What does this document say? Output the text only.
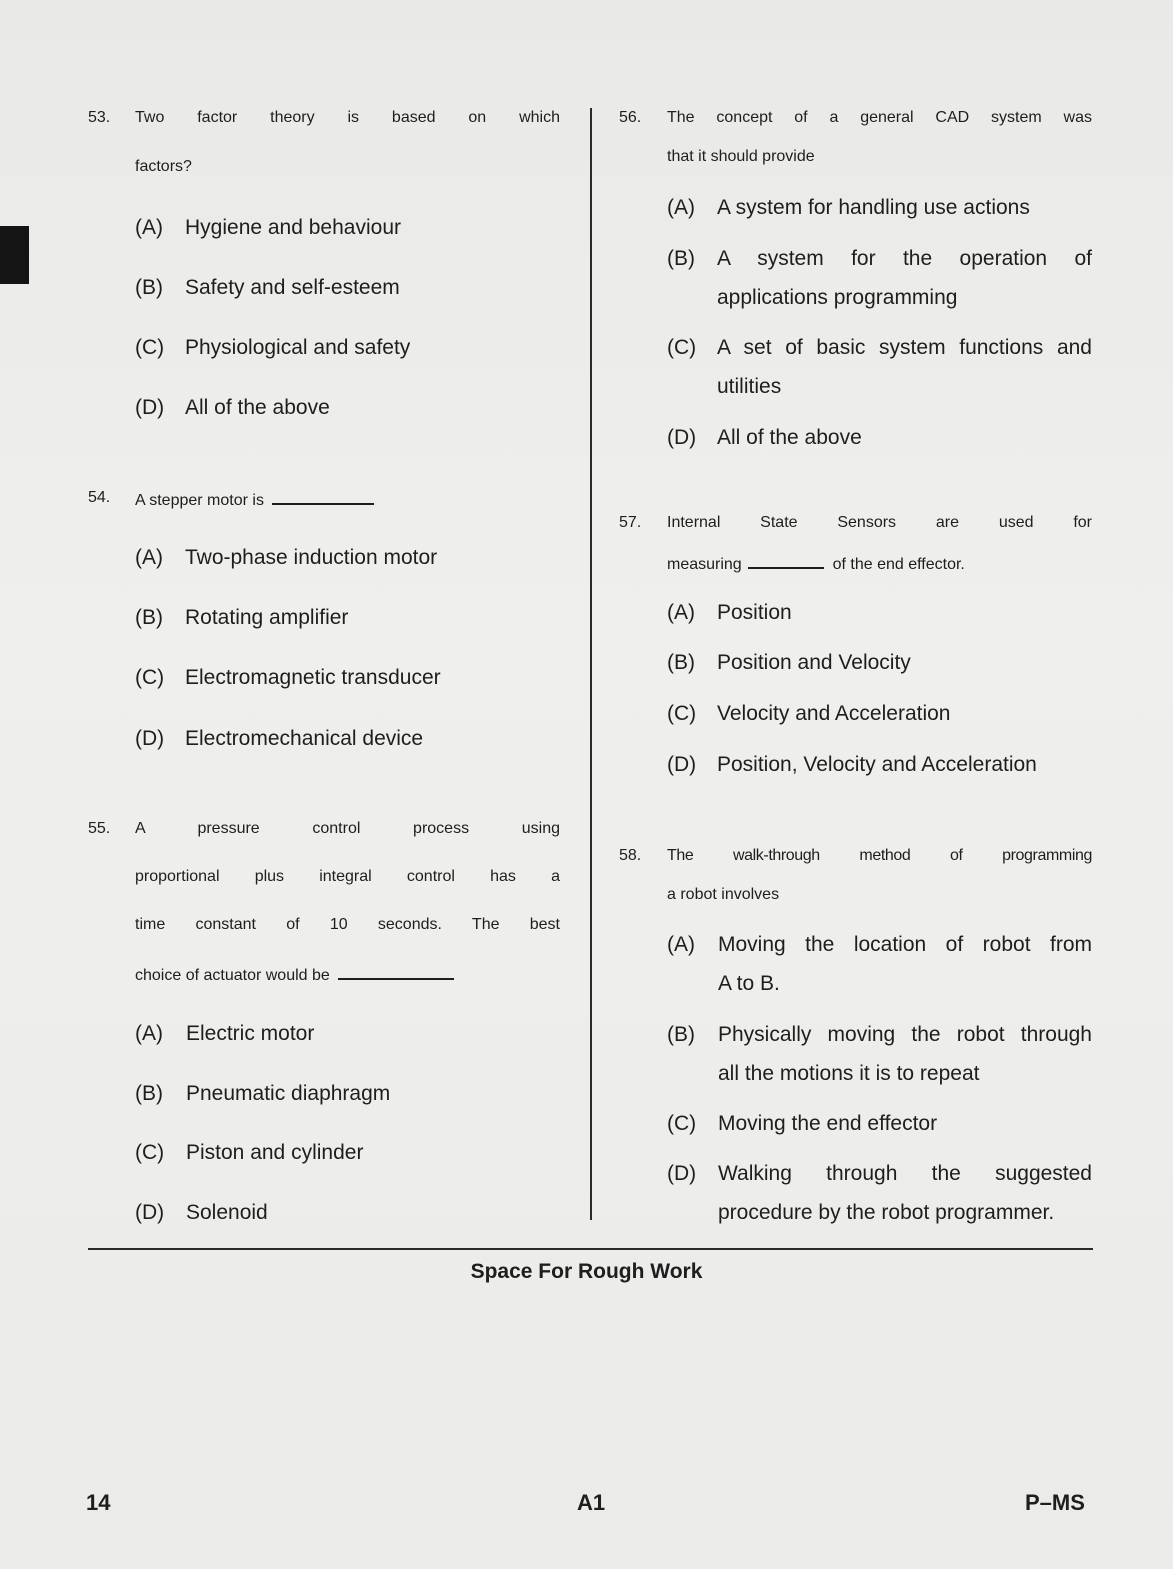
53. Two factor theory is based on which
factors?
(A) Hygiene and behaviour
(B) Safety and self-esteem
(C) Physiological and safety
(D) All of the above
54. A stepper motor is
(A) Two-phase induction motor
(B) Rotating amplifier
(C) Electromagnetic transducer
(D) Electromechanical device
55. A pressure control process using
proportional plus integral control has a
time constant of 10 seconds. The best
choice of actuator would be
(A) Electric motor
(B) Pneumatic diaphragm
(C) Piston and cylinder
(D) Solenoid
56. The concept of a general CAD system was
that it should provide
(A) A system for handling use actions
(B) A system for the operation of
applications programming
(C) A set of basic system functions and
utilities
(D) All of the above
57. Internal State Sensors are used for
measuring	of the end effector.
(A) Position
(B) Position and Velocity
(C) Velocity and Acceleration
(D) Position, Velocity and Acceleration
58. The walk-through method of programming
a robot involves
(A) Moving the location of robot from
A to B.
(B) Physically moving the robot through
all the motions it is to repeat
(C) Moving the end effector
(D) Walking through the suggested
procedure by the robot programmer.
Space For Rough Work
14	A1	P–MS
